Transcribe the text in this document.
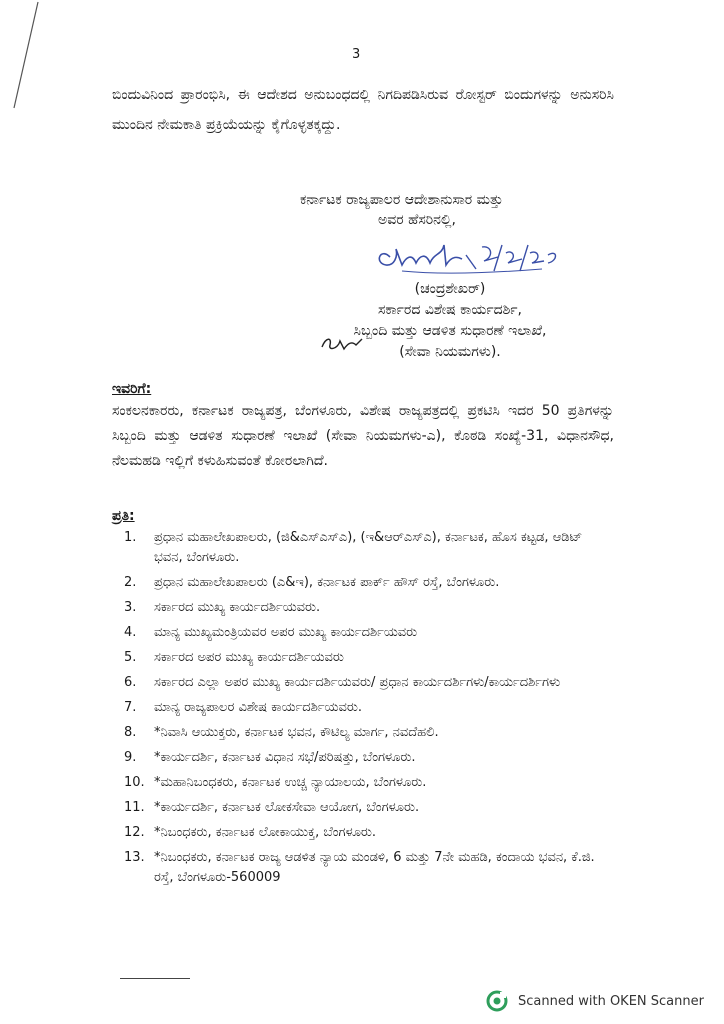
3
ಬಿಂದುವಿನಿಂದ ಪ್ರಾರಂಭಿಸಿ, ಈ ಆದೇಶದ ಅನುಬಂಧದಲ್ಲಿ ನಿಗದಿಪಡಿಸಿರುವ ರೋಸ್ಟರ್ ಬಿಂದುಗಳನ್ನು ಅನುಸರಿಸಿ ಮುಂದಿನ ನೇಮಕಾತಿ ಪ್ರಕ್ರಿಯೆಯನ್ನು ಕೈಗೊಳ್ಳತಕ್ಕದ್ದು.
ಕರ್ನಾಟಕ ರಾಜ್ಯಪಾಲರ ಆದೇಶಾನುಸಾರ ಮತ್ತು
ಅವರ ಹೆಸರಿನಲ್ಲಿ,
(ಚಂದ್ರಶೇಖರ್)
ಸರ್ಕಾರದ ವಿಶೇಷ ಕಾರ್ಯದರ್ಶಿ,
ಸಿಬ್ಬಂದಿ ಮತ್ತು ಆಡಳಿತ ಸುಧಾರಣೆ ಇಲಾಖೆ,
(ಸೇವಾ ನಿಯಮಗಳು).
ಇವರಿಗೆ:
ಸಂಕಲನಕಾರರು, ಕರ್ನಾಟಕ ರಾಜ್ಯಪತ್ರ, ಬೆಂಗಳೂರು, ವಿಶೇಷ ರಾಜ್ಯಪತ್ರದಲ್ಲಿ ಪ್ರಕಟಿಸಿ ಇದರ 50 ಪ್ರತಿಗಳನ್ನು ಸಿಬ್ಬಂದಿ ಮತ್ತು ಆಡಳಿತ ಸುಧಾರಣೆ ಇಲಾಖೆ (ಸೇವಾ ನಿಯಮಗಳು-ಎ), ಕೊಠಡಿ ಸಂಖ್ಯೆ-31, ವಿಧಾನಸೌಧ, ನೆಲಮಹಡಿ ಇಲ್ಲಿಗೆ ಕಳುಹಿಸುವಂತೆ ಕೋರಲಾಗಿದೆ.
ಪ್ರತಿ:
1.	ಪ್ರಧಾನ ಮಹಾಲೇಖಪಾಲರು, (ಜಿ&ಎಸ್‌ಎಸ್‌ಎ), (ಇ&ಆರ್‌ಎಸ್‌ಎ), ಕರ್ನಾಟಕ, ಹೊಸ ಕಟ್ಟಡ, ಆಡಿಟ್ ಭವನ, ಬೆಂಗಳೂರು.
2.	ಪ್ರಧಾನ ಮಹಾಲೇಖಪಾಲರು (ಎ&ಇ), ಕರ್ನಾಟಕ ಪಾರ್ಕ್ ಹೌಸ್ ರಸ್ತೆ, ಬೆಂಗಳೂರು.
3.	ಸರ್ಕಾರದ ಮುಖ್ಯ ಕಾರ್ಯದರ್ಶಿಯವರು.
4.	ಮಾನ್ಯ ಮುಖ್ಯಮಂತ್ರಿಯವರ ಅಪರ ಮುಖ್ಯ ಕಾರ್ಯದರ್ಶಿಯವರು
5.	ಸರ್ಕಾರದ ಅಪರ ಮುಖ್ಯ ಕಾರ್ಯದರ್ಶಿಯವರು
6.	ಸರ್ಕಾರದ ಎಲ್ಲಾ ಅಪರ ಮುಖ್ಯ ಕಾರ್ಯದರ್ಶಿಯವರು/ ಪ್ರಧಾನ ಕಾರ್ಯದರ್ಶಿಗಳು/ಕಾರ್ಯದರ್ಶಿಗಳು
7.	ಮಾನ್ಯ ರಾಜ್ಯಪಾಲರ ವಿಶೇಷ ಕಾರ್ಯದರ್ಶಿಯವರು.
8.	*ನಿವಾಸಿ ಆಯುಕ್ತರು, ಕರ್ನಾಟಕ ಭವನ, ಕೌಟಿಲ್ಯ ಮಾರ್ಗ, ನವದೆಹಲಿ.
9.	*ಕಾರ್ಯದರ್ಶಿ, ಕರ್ನಾಟಕ ವಿಧಾನ ಸಭೆ/ಪರಿಷತ್ತು, ಬೆಂಗಳೂರು.
10. *ಮಹಾನಿಬಂಧಕರು, ಕರ್ನಾಟಕ ಉಚ್ಚ ನ್ಯಾಯಾಲಯ, ಬೆಂಗಳೂರು.
11. *ಕಾರ್ಯದರ್ಶಿ, ಕರ್ನಾಟಕ ಲೋಕಸೇವಾ ಆಯೋಗ, ಬೆಂಗಳೂರು.
12. *ನಿಬಂಧಕರು, ಕರ್ನಾಟಕ ಲೋಕಾಯುಕ್ತ, ಬೆಂಗಳೂರು.
13. *ನಿಬಂಧಕರು, ಕರ್ನಾಟಕ ರಾಜ್ಯ ಆಡಳಿತ ನ್ಯಾಯ ಮಂಡಳಿ, 6 ಮತ್ತು 7ನೇ ಮಹಡಿ, ಕಂದಾಯ ಭವನ, ಕೆ.ಜಿ. ರಸ್ತೆ, ಬೆಂಗಳೂರು-560009
Scanned with OKEN Scanner
